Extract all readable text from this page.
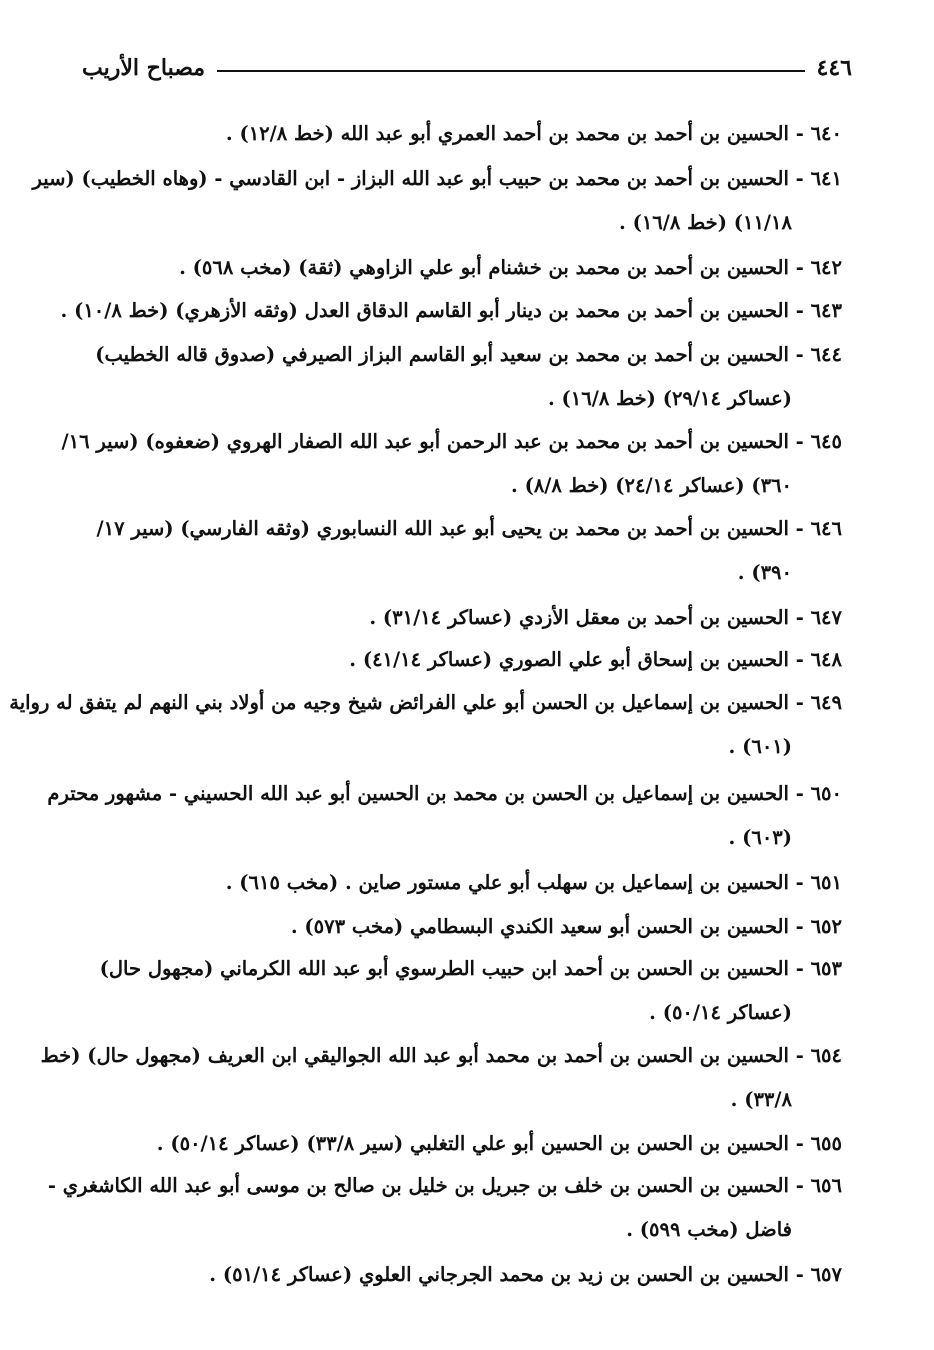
٤٤٦
مصباح الأريب
٦٤٠ - الحسين بن أحمد بن محمد بن أحمد العمري أبو عبد الله (خط ١٢/٨) .
٦٤١ - الحسين بن أحمد بن محمد بن حبيب أبو عبد الله البزاز - ابن القادسي - (وهاه الخطيب) (سير
١١/١٨) (خط ١٦/٨) .
٦٤٢ - الحسين بن أحمد بن محمد بن خشنام أبو علي الزاوهي (ثقة) (مخب ٥٦٨) .
٦٤٣ - الحسين بن أحمد بن محمد بن دينار أبو القاسم الدقاق العدل (وثقه الأزهري) (خط ١٠/٨) .
٦٤٤ - الحسين بن أحمد بن محمد بن سعيد أبو القاسم البزاز الصيرفي (صدوق قاله الخطيب)
(عساكر ٢٩/١٤) (خط ١٦/٨) .
٦٤٥ - الحسين بن أحمد بن محمد بن عبد الرحمن أبو عبد الله الصفار الهروي (ضعفوه) (سير ١٦/
٣٦٠) (عساكر ٢٤/١٤) (خط ٨/٨) .
٦٤٦ - الحسين بن أحمد بن محمد بن يحيى أبو عبد الله النسابوري (وثقه الفارسي) (سير ١٧/
٣٩٠) .
٦٤٧ - الحسين بن أحمد بن معقل الأزدي (عساكر ٣١/١٤) .
٦٤٨ - الحسين بن إسحاق أبو علي الصوري (عساكر ٤١/١٤) .
٦٤٩ - الحسين بن إسماعيل بن الحسن أبو علي الفرائض شيخ وجيه من أولاد بني النهم لم يتفق له رواية
(٦٠١) .
٦٥٠ - الحسين بن إسماعيل بن الحسن بن محمد بن الحسين أبو عبد الله الحسيني - مشهور محترم
(٦٠٣) .
٦٥١ - الحسين بن إسماعيل بن سهلب أبو علي مستور صاين . (مخب ٦١٥) .
٦٥٢ - الحسين بن الحسن أبو سعيد الكندي البسطامي (مخب ٥٧٣) .
٦٥٣ - الحسين بن الحسن بن أحمد ابن حبيب الطرسوي أبو عبد الله الكرماني (مجهول حال)
(عساكر ٥٠/١٤) .
٦٥٤ - الحسين بن الحسن بن أحمد بن محمد أبو عبد الله الجواليقي ابن العريف (مجهول حال) (خط
٣٣/٨) .
٦٥٥ - الحسين بن الحسن بن الحسين أبو علي التغلبي (سير ٣٣/٨) (عساكر ٥٠/١٤) .
٦٥٦ - الحسين بن الحسن بن خلف بن جبريل بن خليل بن صالح بن موسى أبو عبد الله الكاشغري -
فاضل (مخب ٥٩٩) .
٦٥٧ - الحسين بن الحسن بن زيد بن محمد الجرجاني العلوي (عساكر ٥١/١٤) .
